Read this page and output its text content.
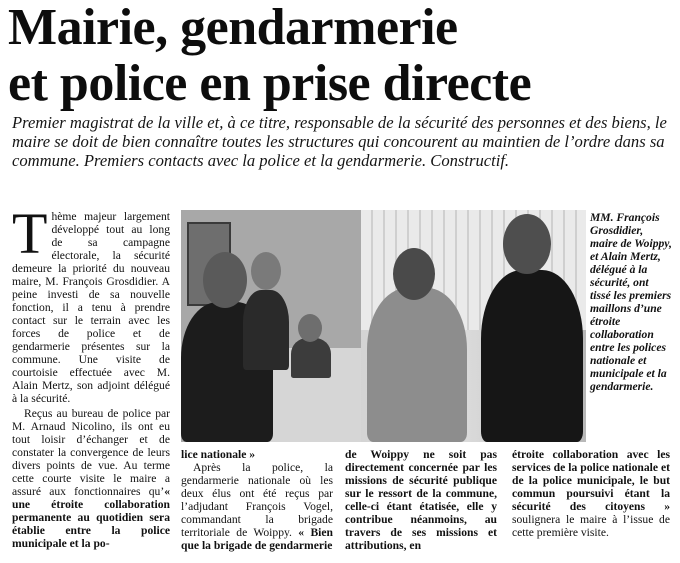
Mairie, gendarmerie
et police en prise directe

Premier magistrat de la ville et, à ce titre, responsable de la sécurité des personnes et des biens, le maire se doit de bien connaître toutes les structures qui concourent au maintien de l’ordre dans sa commune. Premiers contacts avec la police et la gendarmerie. Constructif.

Thème majeur largement développé tout au long de sa campagne électorale, la sécurité demeure la priorité du nouveau maire, M. François Grosdidier. A peine investi de sa nouvelle fonction, il a tenu à prendre contact sur le terrain avec les forces de police et de gendarmerie présentes sur la commune. Une visite de courtoisie effectuée avec M. Alain Mertz, son adjoint délégué à la sécurité.

Reçus au bureau de police par M. Arnaud Nicolino, ils ont eu tout loisir d’échanger et de constater la convergence de leurs divers points de vue. Au terme cette courte visite le maire a assuré aux fonctionnaires qu’« une étroite collaboration permanente au quotidien sera établie entre la police municipale et la po-

MM. François Grosdidier, maire de Woippy, et Alain Mertz, délégué à la sécurité, ont tissé les premiers maillons d’une étroite collaboration entre les polices nationale et municipale et la gendarmerie.

lice nationale »

Après la police, la gendarmerie nationale où les deux élus ont été reçus par l’adjudant François Vogel, commandant la brigade territoriale de Woippy. « Bien que la brigade de gendarmerie

de Woippy ne soit pas directement concernée par les missions de sécurité publique sur le ressort de la commune, celle-ci étant étatisée, elle y contribue néanmoins, au travers de ses missions et attributions, en

étroite collaboration avec les services de la police nationale et de la police municipale, le but commun poursuivi étant la sécurité des citoyens » soulignera le maire à l’issue de cette première visite.
